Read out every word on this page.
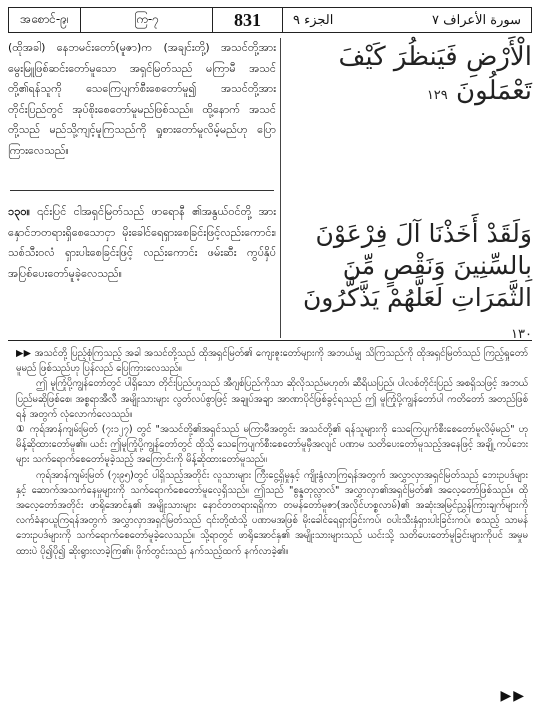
အစောင်-၉၊	ကြ-၇	831	الجزء ٩	سورة الأعراف ٧
(ထိုအခါ) နေဘမင်းတော်(မူဇာ)က (အချင်းတို့) အသင်တို့အား မွေးမြူဖြစ်ဆင်းတော်မူသော အရှင်မြတ်သည် မကြာမီ အသင်တို့၏ရန်သူကို သေကြေပျက်စီးစေတော်မူ၍ အသင်တို့အား တိုင်းပြည်တွင် အုပ်စိုးစေတော်မူမည်ဖြစ်သည်။ ထို့နောက် အသင်တို့သည် မည်သို့ကျင့်မူကြသည်ကို ရှုစားတော်မူလိမ့်မည်ဟု ပြောကြားလေသည်။
၁၃၀။ ၎င်းပြင် ငါအရှင်မြတ်သည် ဖာရောနီ ၏အနွယ်ဝင်တို့ အား နှောင်ဘတရားရှိစေသောငှာ မိုးခေါင်ရေရှားစေခြင်းဖြင့်လည်းကောင်း၊ သစ်သီးဝလံ ရှားပါးစေခြင်းဖြင့် လည်းကောင်း ဖမ်းဆီး ကွပ်နှိပ် အပြစ်ပေးတော်မူခဲ့လေသည်။
الْأَرْضِ فَيَنظُرَ كَيْفَ تَعْمَلُونَ ١٢٩
وَلَقَدْ أَخَذْنَا آلَ فِرْعَوْنَ بِالسِّنِينَ وَنَقْصٍ مِّنَ الثَّمَرَاتِ لَعَلَّهُمْ يَذَّكَّرُونَ ١٣٠

▶▶ အသင်တို့ ပြည့်စုံကြသည့် အခါ အသင်တို့သည် ထိုအရှင်မြတ်၏ ကျေးဇူးတော်များကို အဘယ်မျှ သိကြသည်ကို ထိုအရှင်မြတ်သည် ကြည့်ရှုတော်မူမည် ဖြစ်သည်ဟု ပြန်လည် ပြေကြားလေသည်။

ဤ မူကြုံပို့ကျွန်တော်တွင် ပါရှိသော တိုင်းပြည်ဟူသည် အီဂျစ်ပြည်ကိုသာ ဆိုလိုသည်မဟုတ်၊ ဆီရိယပြည်၊ ပါလစ်တိုင်းပြည် အစရှိသဖြင့် အဘယ် ပြည်မဆိုဖြစ်စေ၊ အစ္စရာအီလီ အမျိုးသားများ လွတ်လပ်စွာဖြင့် အချုပ်အချာ အာဏာပိုင်ဖြစ်ခွင့်ရသည် ဤ မူကြုံပို့ကျွန်တော်ပါ ကတိတော် အတည်ဖြစ်ရန် အတွက် လုံလောက်လေသည်။

① ကုရ်အာန်ကျမ်းမြတ် (၇း၁၂၇) တွင် "အသင်တို့၏အရှင်သည် မကြာမီအတွင်း အသင်တို့၏ ရန်သူများကို သေကြေပျက်စီးစေတော်မူလိမ့်မည်" ဟု မိန့်ဆိုထားတော်မူ၏။ ယင်း ဤမူကြုံပို့ကျွန်တော်တွင် ထိုသို့ သေကြေပျက်စီးစေတော်မူမှီအလျင် ပဏာမ သတိပေးတော်မူသည့်အနေဖြင့် အချို့ ကပ်ဘေးများ သက်ရောက်စေတော်မူခဲ့သည့် အကြောင်းကို မိန့်ဆိုထားတော်မူသည်။

ကုရ်အာန်ကျမ်းမြတ် (၇း၉၅)တွင် ပါရှိသည့်အတိုင်း လူသားများ ကြီးငွေ့ရှိမှုနှင့် ကျိုးနွံလာကြရန်အတွက် အလွှာလှာအရှင်မြတ်သည် ဘေးဥပဒ်များနှင့် ဆောက်အသက်နေမှုများကို သက်ရောက်စေတော်မူလေ့ရှိသည်။ ဤသည် "စွန္နတုလ္လာလ်" အလွှာလှာ၏အရှင်မြတ်၏ အလေ့တော်ဖြစ်သည်။ ထိုအလေ့တော်အတိုင်း ဖာရိုအောင်နှ၏ အမျိုးသားများ နောင်တတရားရရှိကာ တမန်တော်မူဇာ(အလိုင်ဟစ္စလာမ်)၏ အဆုံးအမြင်ညွှန်ကြားချက်များကို လက်ခံနာယူကြရန်အတွက် အလွှာလှာအရှင်မြတ်သည် ၎င်းတို့ထံသို့ ပဏာမအဖြစ် မိုးခေါင်ရေရှားခြင်းကပ်၊ ဝပါးသီးနှံရှားပါးခြင်းကပ်၊ စသည့် သာမန်ဘေးဥပဒ်များကို သက်ရောက်စေတော်မူခဲ့လေသည်။ သို့ရာတွင် ဖာရိုအောင်နှ၏ အမျိုးသားများသည် ယင်းသို့ သတိပေးတော်မူခြင်းများကိုပင် အမှုမထားပဲ ပို၍ပို၍ ဆိုးရွားလာခဲ့ကြ၏။ ဖိုက်တွင်းသည် နက်သည့်ထက် နက်လာခဲ့၏။

▶▶
